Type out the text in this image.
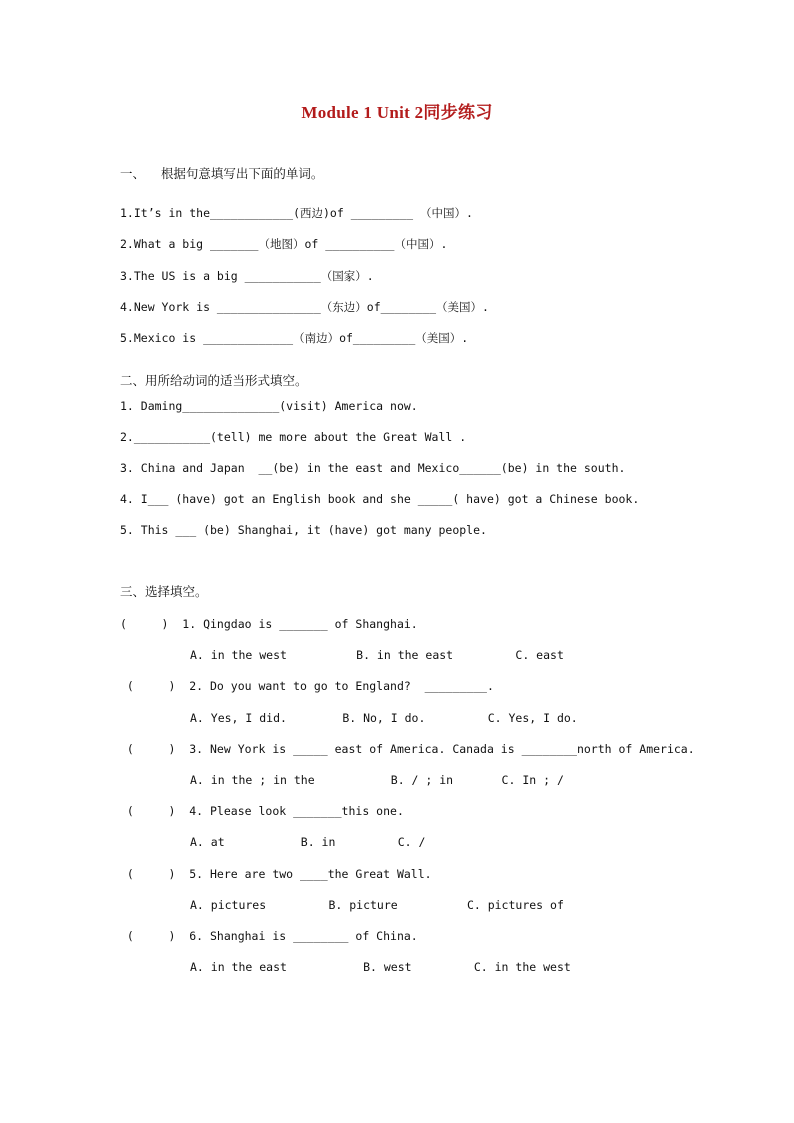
Module 1 Unit 2同步练习
一、    根据句意填写出下面的单词。
1.It’s in the____________(西边)of _________ （中国）.
2.What a big _______（地图）of __________（中国）.
3.The US is a big ___________（国家）.
4.New York is _______________（东边）of________（美国）.
5.Mexico is _____________（南边）of_________（美国）.
二、用所给动词的适当形式填空。
1. Daming______________(visit) America now.
2.___________(tell) me more about the Great Wall .
3. China and Japan  __(be) in the east and Mexico______(be) in the south.
4. I___ (have) got an English book and she _____( have) got a Chinese book.
5. This ___ (be) Shanghai, it (have) got many people.
三、选择填空。
(     )  1. Qingdao is _______ of Shanghai.
A. in the west          B. in the east         C. east
(     )  2. Do you want to go to England?  _________.
A. Yes, I did.        B. No, I do.         C. Yes, I do.
(     )  3. New York is _____ east of America. Canada is ________north of America.
A. in the ; in the           B. / ; in       C. In ; /
(     )  4. Please look _______this one.
A. at           B. in         C. /
(     )  5. Here are two ____the Great Wall.
A. pictures         B. picture          C. pictures of
(     )  6. Shanghai is ________ of China.
A. in the east           B. west         C. in the west
